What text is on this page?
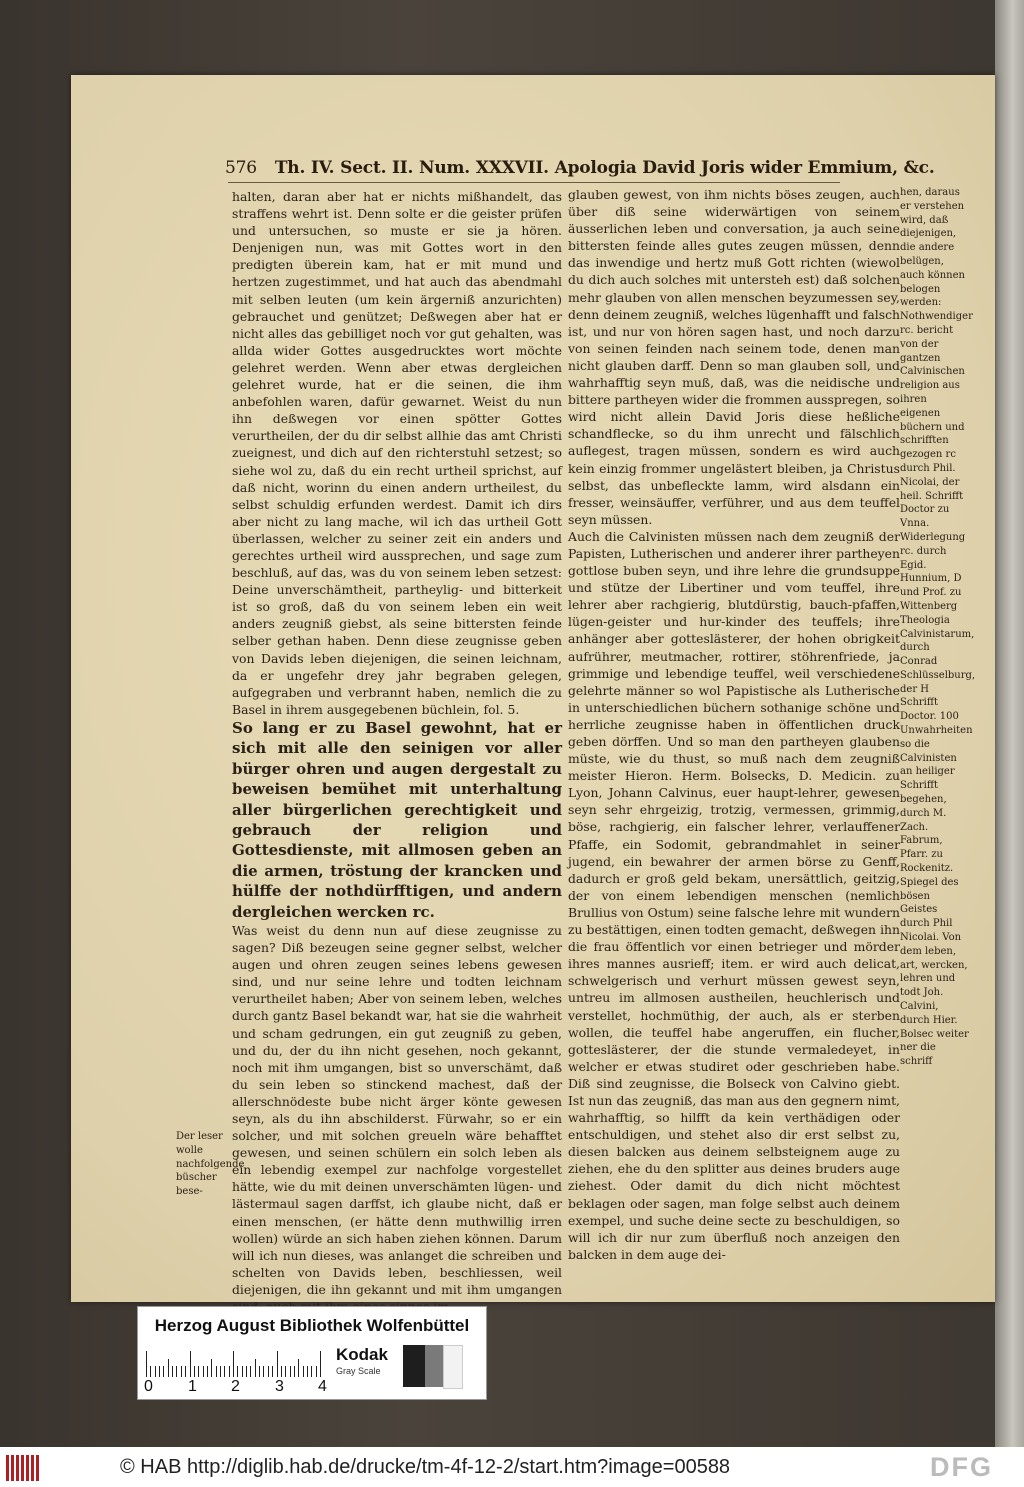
576 Th. IV. Sect. II. Num. XXXVII. Apologia David Joris wider Emmium, &c.

halten, daran aber hat er nichts mißhandelt, das straffens wehrt ist. Denn solte er die geister prüfen und untersuchen, so muste er sie ja hören. Denjenigen nun, was mit Gottes wort in den predigten überein kam, hat er mit mund und hertzen zugestimmet, und hat auch das abendmahl mit selben leuten (um kein ärgerniß anzurichten) gebrauchet und genützet; Deßwegen aber hat er nicht alles das gebilliget noch vor gut gehalten, was allda wider Gottes ausgedrucktes wort möchte gelehret werden. Wenn aber etwas dergleichen gelehret wurde, hat er die seinen, die ihm anbefohlen waren, dafür gewarnet. Weist du nun ihn deßwegen vor einen spötter Gottes verurtheilen, der du dir selbst allhie das amt Christi zueignest, und dich auf den richterstuhl setzest; so siehe wol zu, daß du ein recht urtheil sprichst, auf daß nicht, worinn du einen andern urtheilest, du selbst schuldig erfunden werdest. Damit ich dirs aber nicht zu lang mache, wil ich das urtheil Gott überlassen, welcher zu seiner zeit ein anders und gerechtes urtheil wird aussprechen, und sage zum beschluß, auf das, was du von seinem leben setzest: Deine unverschämtheit, partheylig- und bitterkeit ist so groß, daß du von seinem leben ein weit anders zeugniß giebst, als seine bittersten feinde selber gethan haben. Denn diese zeugnisse geben von Davids leben diejenigen, die seinen leichnam, da er ungefehr drey jahr begraben gelegen, aufgegraben und verbrannt haben, nemlich die zu Basel in ihrem ausgegebenen büchlein, fol. 5.

So lang er zu Basel gewohnt, hat er sich mit alle den seinigen vor aller bürger ohren und augen dergestalt zu beweisen bemühet mit unterhaltung aller bürgerlichen gerechtigkeit und gebrauch der religion und Gottesdienste, mit allmosen geben an die armen, tröstung der krancken und hülffe der nothdürfftigen, und andern dergleichen wercken rc.

Was weist du denn nun auf diese zeugnisse zu sagen? Diß bezeugen seine gegner selbst, welcher augen und ohren zeugen seines lebens gewesen sind, und nur seine lehre und todten leichnam verurtheilet haben; Aber von seinem leben, welches durch gantz Basel bekandt war, hat sie die wahrheit und scham gedrungen, ein gut zeugniß zu geben, und du, der du ihn nicht gesehen, noch gekannt, noch mit ihm umgangen, bist so unverschämt, daß du sein leben so stinckend machest, daß der allerschnödeste bube nicht ärger könte gewesen seyn, als du ihn abschilderst. Fürwahr, so er ein solcher, und mit solchen greueln wäre behafftet gewesen, und seinen schülern ein solch leben als ein lebendig exempel zur nachfolge vorgestellet hätte, wie du mit deinen unverschämten lügen- und lästermaul sagen darffst, ich glaube nicht, daß er einen menschen, (er hätte denn muthwillig irren wollen) würde an sich haben ziehen können. Darum will ich nun dieses, was anlanget die schreiben und schelten von Davids leben, beschliessen, weil diejenigen, die ihn gekannt und mit ihm umgangen

glauben gewest, von ihm nichts böses zeugen, auch über diß seine widerwärtigen von seinem äusserlichen leben und conversation, ja auch seine bittersten feinde alles gutes zeugen müssen, denn das inwendige und hertz muß Gott richten (wiewol du dich auch solches mit untersteh est) daß solchen mehr glauben von allen menschen beyzumessen sey, denn deinem zeugniß, welches lügenhafft und falsch ist, und nur von hören sagen hast, und noch darzu von seinen feinden nach seinem tode, denen man nicht glauben darff. Denn so man glauben soll, und wahrhafftig seyn muß, daß, was die neidische und bittere partheyen wider die frommen ausspregen, so wird nicht allein David Joris diese heßliche schandflecke, so du ihm unrecht und fälschlich auflegest, tragen müssen, sondern es wird auch kein einzig frommer ungelästert bleiben, ja Christus selbst, das unbefleckte lamm, wird alsdann ein fresser, weinsäuffer, verführer, und aus dem teuffel seyn müssen.

Auch die Calvinisten müssen nach dem zeugniß der Papisten, Lutherischen und anderer ihrer partheyen gottlose buben seyn, und ihre lehre die grundsuppe und stütze der Libertiner und vom teuffel, ihre lehrer aber rachgierig, blutdürstig, bauch-pfaffen, lügen-geister und hur-kinder des teuffels; ihre anhänger aber gotteslästerer, der hohen obrigkeit aufrührer, meutmacher, rottirer, stöhrenfriede, ja grimmige und lebendige teuffel, weil verschiedene gelehrte männer so wol Papistische als Lutherische in unterschiedlichen büchern sothanige schöne und herrliche zeugnisse haben in öffentlichen druck geben dörffen. Und so man den partheyen glauben müste, wie du thust, so muß nach dem zeugniß meister Hieron. Herm. Bolsecks, D. Medicin. zu Lyon, Johann Calvinus, euer haupt-lehrer, gewesen seyn sehr ehrgeizig, trotzig, vermessen, grimmig, böse, rachgierig, ein falscher lehrer, verlauffener Pfaffe, ein Sodomit, gebrandmahlet in seiner jugend, ein bewahrer der armen börse zu Genff, dadurch er groß geld bekam, unersättlich, geitzig, der von einem lebendigen menschen (nemlich Brullius von Ostum) seine falsche lehre mit wundern zu bestättigen, einen todten gemacht, deßwegen ihn die frau öffentlich vor einen betrieger und mörder ihres mannes ausrieff; item. er wird auch delicat, schwelgerisch und verhurt müssen gewest seyn, untreu im allmosen austheilen, heuchlerisch und verstellet, hochmüthig, der auch, als er sterben wollen, die teuffel habe angeruffen, ein flucher, gotteslästerer, der die stunde vermaledeyet, in welcher er etwas studiret oder geschrieben habe. Diß sind zeugnisse, die Bolseck von Calvino giebt. Ist nun das zeugniß, das man aus den gegnern nimt, wahrhafftig, so hilfft da kein verthädigen oder entschuldigen, und stehet also dir erst selbst zu, diesen balcken aus deinem selbsteignem auge zu ziehen, ehe du den splitter aus deines bruders auge ziehest. Oder damit du dich nicht möchtest beklagen oder sagen, man folge selbst auch deinem exempel, und suche deine secte zu beschuldigen, so will ich dir nur zum überfluß noch anzeigen den balcken in dem auge dei-

hen, daraus er verstehen wird, daß diejenigen, die andere belügen, auch können belogen werden: Nothwendiger rc. bericht von der gantzen Calvinischen religion aus ihren eigenen büchern und schrifften gezogen rc durch Phil. Nicolai, der heil. Schrifft Doctor zu Vnna. Widerlegung rc. durch Egid. Hunnium, D und Prof. zu Wittenberg Theologia Calvinistarum, durch Conrad Schlüsselburg, der H Schrifft Doctor. 100 Unwahrheiten so die Calvinisten an heiliger Schrifft begehen, durch M. Zach. Fabrum, Pfarr. zu Rockenitz. Spiegel des bösen Geistes durch Phil Nicolai. Von dem leben, art, wercken, lehren und todt Joh. Calvini, durch Hier. Bolsec weiter ner die schriff
Der leser wolle nachfolgende büscher bese-
Herzog August Bibliothek Wolfenbüttel
0 1 2 3 4
Kodak
Gray Scale
© HAB http://diglib.hab.de/drucke/tm-4f-12-2/start.htm?image=00588	DFG
